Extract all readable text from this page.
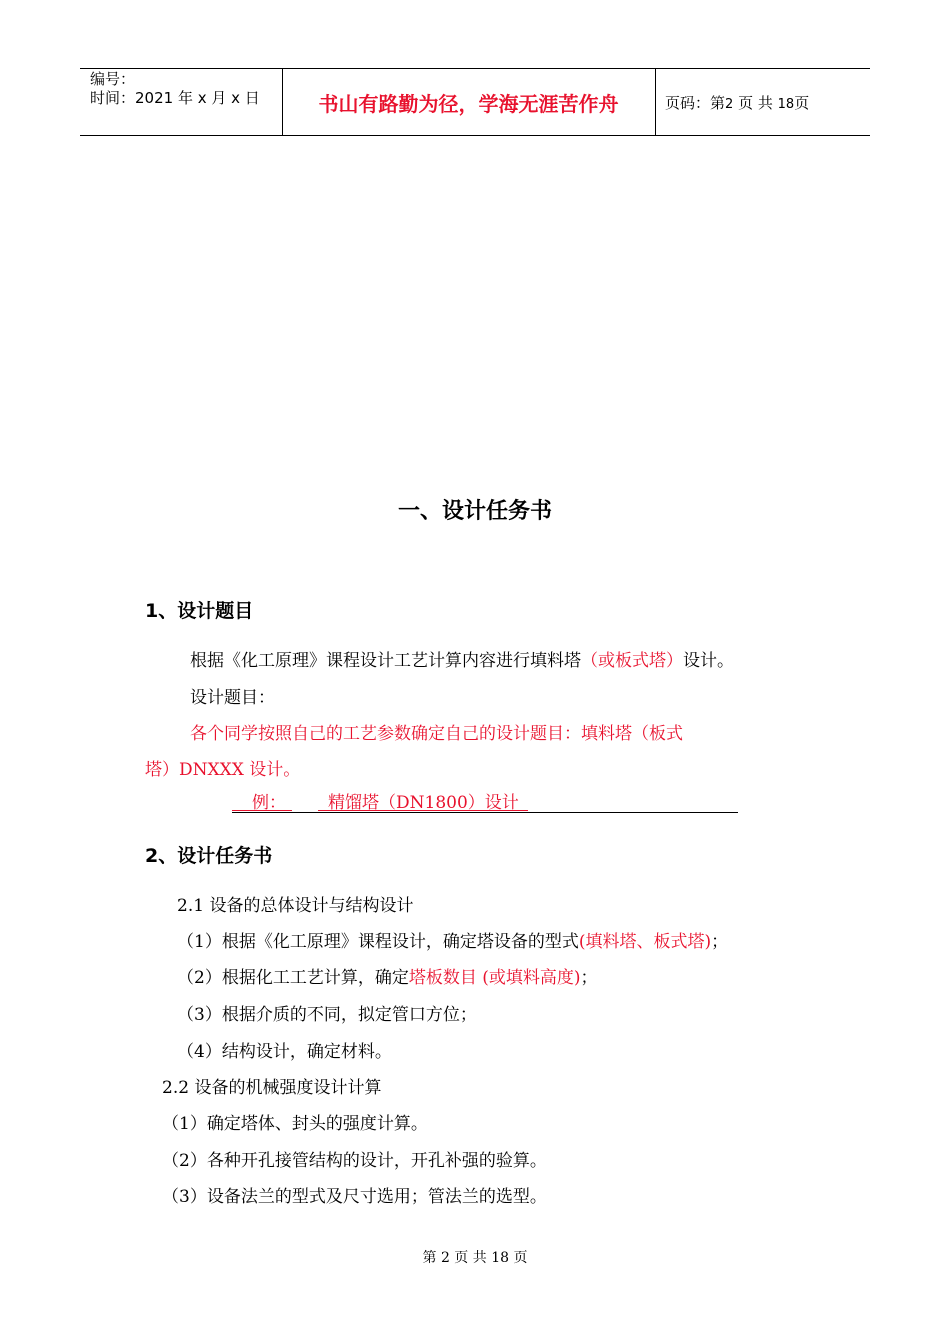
编号：
时间：2021 年 x 月 x 日	书山有路勤为径，学海无涯苦作舟	页码：第2 页 共 18页
一、设计任务书
1、设计题目
根据《化工原理》课程设计工艺计算内容进行填料塔（或板式塔）设计。
设计题目：
各个同学按照自己的工艺参数确定自己的设计题目：填料塔（板式
塔）DNXXX 设计。
例： 精馏塔（DN1800）设计
2、设计任务书
2.1 设备的总体设计与结构设计
（1）根据《化工原理》课程设计，确定塔设备的型式(填料塔、板式塔)；
（2）根据化工工艺计算，确定塔板数目 (或填料高度)；
（3）根据介质的不同，拟定管口方位；
（4）结构设计，确定材料。
2.2 设备的机械强度设计计算
（1）确定塔体、封头的强度计算。
（2）各种开孔接管结构的设计，开孔补强的验算。
（3）设备法兰的型式及尺寸选用；管法兰的选型。
第 2 页 共 18 页
